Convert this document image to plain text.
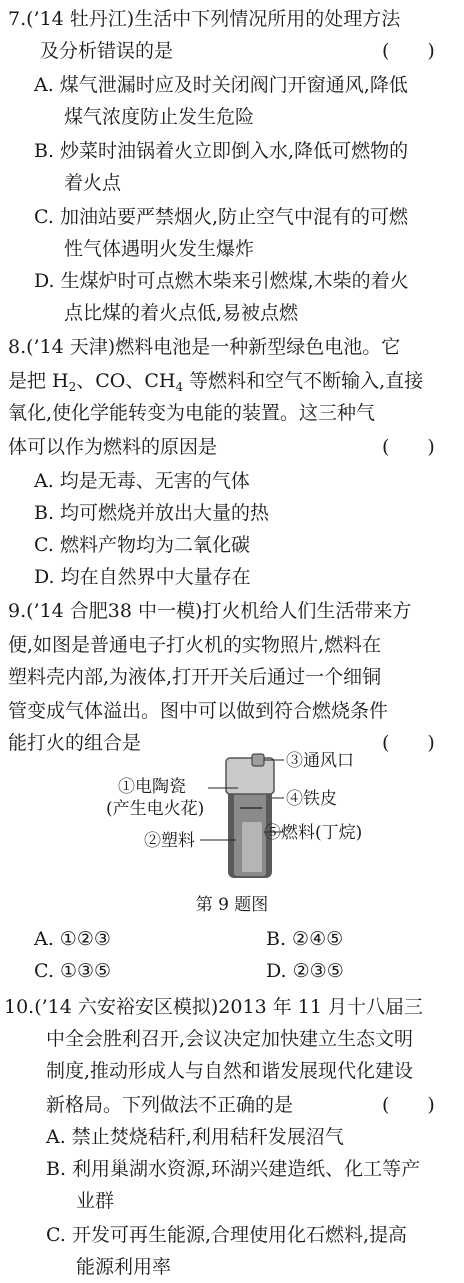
7.(’14 牡丹江)生活中下列情况所用的处理方法
及分析错误的是	(　　)
A. 煤气泄漏时应及时关闭阀门开窗通风,降低
煤气浓度防止发生危险
B. 炒菜时油锅着火立即倒入水,降低可燃物的
着火点
C. 加油站要严禁烟火,防止空气中混有的可燃
性气体遇明火发生爆炸
D. 生煤炉时可点燃木柴来引燃煤,木柴的着火
点比煤的着火点低,易被点燃
8.(’14 天津)燃料电池是一种新型绿色电池。它
是把 $H_2$、CO、$CH_4$ 等燃料和空气不断输入,直接
氧化,使化学能转变为电能的装置。这三种气
体可以作为燃料的原因是	(　　)
A. 均是无毒、无害的气体
B. 均可燃烧并放出大量的热
C. 燃料产物均为二氧化碳
D. 均在自然界中大量存在
9.(’14 合肥38 中一模)打火机给人们生活带来方
便,如图是普通电子打火机的实物照片,燃料在
塑料壳内部,为液体,打开开关后通过一个细铜
管变成气体溢出。图中可以做到符合燃烧条件
能打火的组合是	(　　)
①电陶瓷
(产生电火花)
②塑料
③通风口
④铁皮
⑤燃料(丁烷)
第 9 题图
A. ①②③	B. ②④⑤
C. ①③⑤	D. ②③⑤
10.(’14 六安裕安区模拟)2013 年 11 月十八届三
中全会胜利召开,会议决定加快建立生态文明
制度,推动形成人与自然和谐发展现代化建设
新格局。下列做法不正确的是	(　　)
A. 禁止焚烧秸秆,利用秸秆发展沼气
B. 利用巢湖水资源,环湖兴建造纸、化工等产
业群
C. 开发可再生能源,合理使用化石燃料,提高
能源利用率
